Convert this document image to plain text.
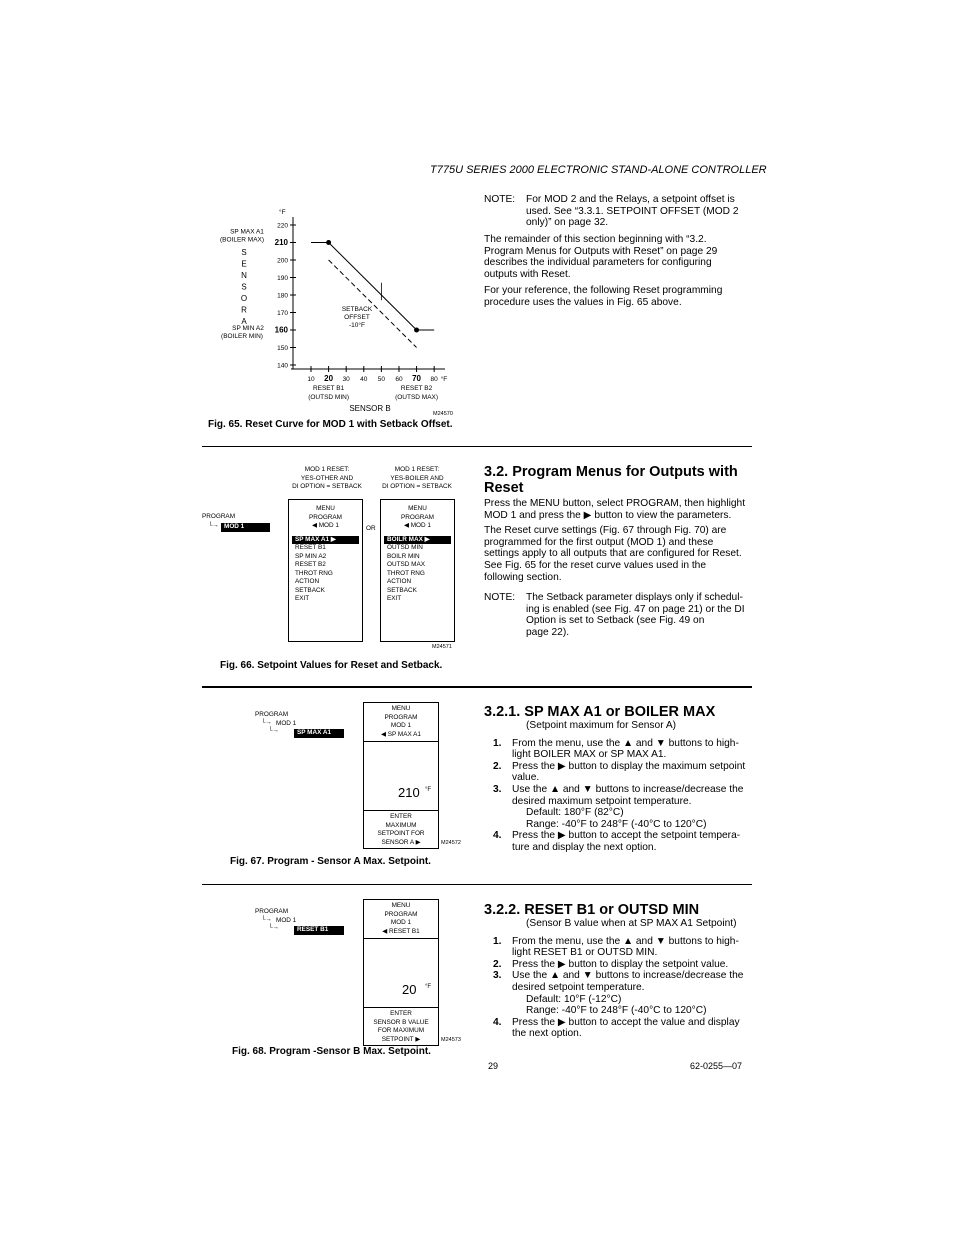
T775U SERIES 2000 ELECTRONIC STAND-ALONE CONTROLLER
°F
220
210
200
190
180
170
160
150
140
SP MAX A1
(BOILER MAX)
SP MIN A2
(BOILER MIN)
S
E
N
S
O
R
A
10 20 30 40 50 60 70 80 °F
RESET B1
(OUTSD MIN)
RESET B2
(OUTSD MAX)
SENSOR B
M24570
SETBACK
OFFSET
-10°F
Fig. 65. Reset Curve for MOD 1 with Setback Offset.
NOTE: For MOD 2 and the Relays, a setpoint offset is
used. See “3.3.1. SETPOINT OFFSET (MOD 2
only)” on page 32.
The remainder of this section beginning with “3.2.
Program Menus for Outputs with Reset” on page 29
describes the individual parameters for configuring
outputs with Reset.
For your reference, the following Reset programming
procedure uses the values in Fig. 65 above.
MOD 1 RESET:
YES-OTHER AND
DI OPTION = SETBACK
MOD 1 RESET:
YES-BOILER AND
DI OPTION = SETBACK
PROGRAM
└→ MOD 1
MENU
PROGRAM
◀ MOD 1
SP MAX A1 ▶
RESET B1
SP MIN A2
RESET B2
THROT RNG
ACTION
SETBACK
EXIT
OR
MENU
PROGRAM
◀ MOD 1
BOILR MAX ▶
OUTSD MIN
BOILR MIN
OUTSD MAX
THROT RNG
ACTION
SETBACK
EXIT
M24571
Fig. 66. Setpoint Values for Reset and Setback.
3.2. Program Menus for Outputs with
Reset
Press the MENU button, select PROGRAM, then highlight
MOD 1 and press the ▶ button to view the parameters.
The Reset curve settings (Fig. 67 through Fig. 70) are
programmed for the first output (MOD 1) and these
settings apply to all outputs that are configured for Reset.
See Fig. 65 for the reset curve values used in the
following section.
NOTE: The Setback parameter displays only if schedul-
ing is enabled (see Fig. 47 on page 21) or the DI
Option is set to Setback (see Fig. 49 on
page 22).
PROGRAM
└→ MOD 1
└→	SP MAX A1
MENU
PROGRAM
MOD 1
◀ SP MAX A1
210 °F
ENTER
MAXIMUM
SETPOINT FOR
SENSOR A ▶	M24572
Fig. 67. Program - Sensor A Max. Setpoint.
3.2.1. SP MAX A1 or BOILER MAX
(Setpoint maximum for Sensor A)
1. From the menu, use the ▲ and ▼ buttons to high-
light BOILER MAX or SP MAX A1.
2. Press the ▶ button to display the maximum setpoint
value.
3. Use the ▲ and ▼ buttons to increase/decrease the
desired maximum setpoint temperature.
Default: 180°F (82°C)
Range: -40°F to 248°F (-40°C to 120°C)
4. Press the ▶ button to accept the setpoint tempera-
ture and display the next option.
PROGRAM
└→ MOD 1
└→	RESET B1
MENU
PROGRAM
MOD 1
◀ RESET B1
20 °F
ENTER
SENSOR B VALUE
FOR MAXIMUM
SETPOINT ▶	M24573
Fig. 68. Program -Sensor B Max. Setpoint.
3.2.2. RESET B1 or OUTSD MIN
(Sensor B value when at SP MAX A1 Setpoint)
1. From the menu, use the ▲ and ▼ buttons to high-
light RESET B1 or OUTSD MIN.
2. Press the ▶ button to display the setpoint value.
3. Use the ▲ and ▼ buttons to increase/decrease the
desired setpoint temperature.
Default: 10°F (-12°C)
Range: -40°F to 248°F (-40°C to 120°C)
4. Press the ▶ button to accept the value and display
the next option.
29	62-0255—07
